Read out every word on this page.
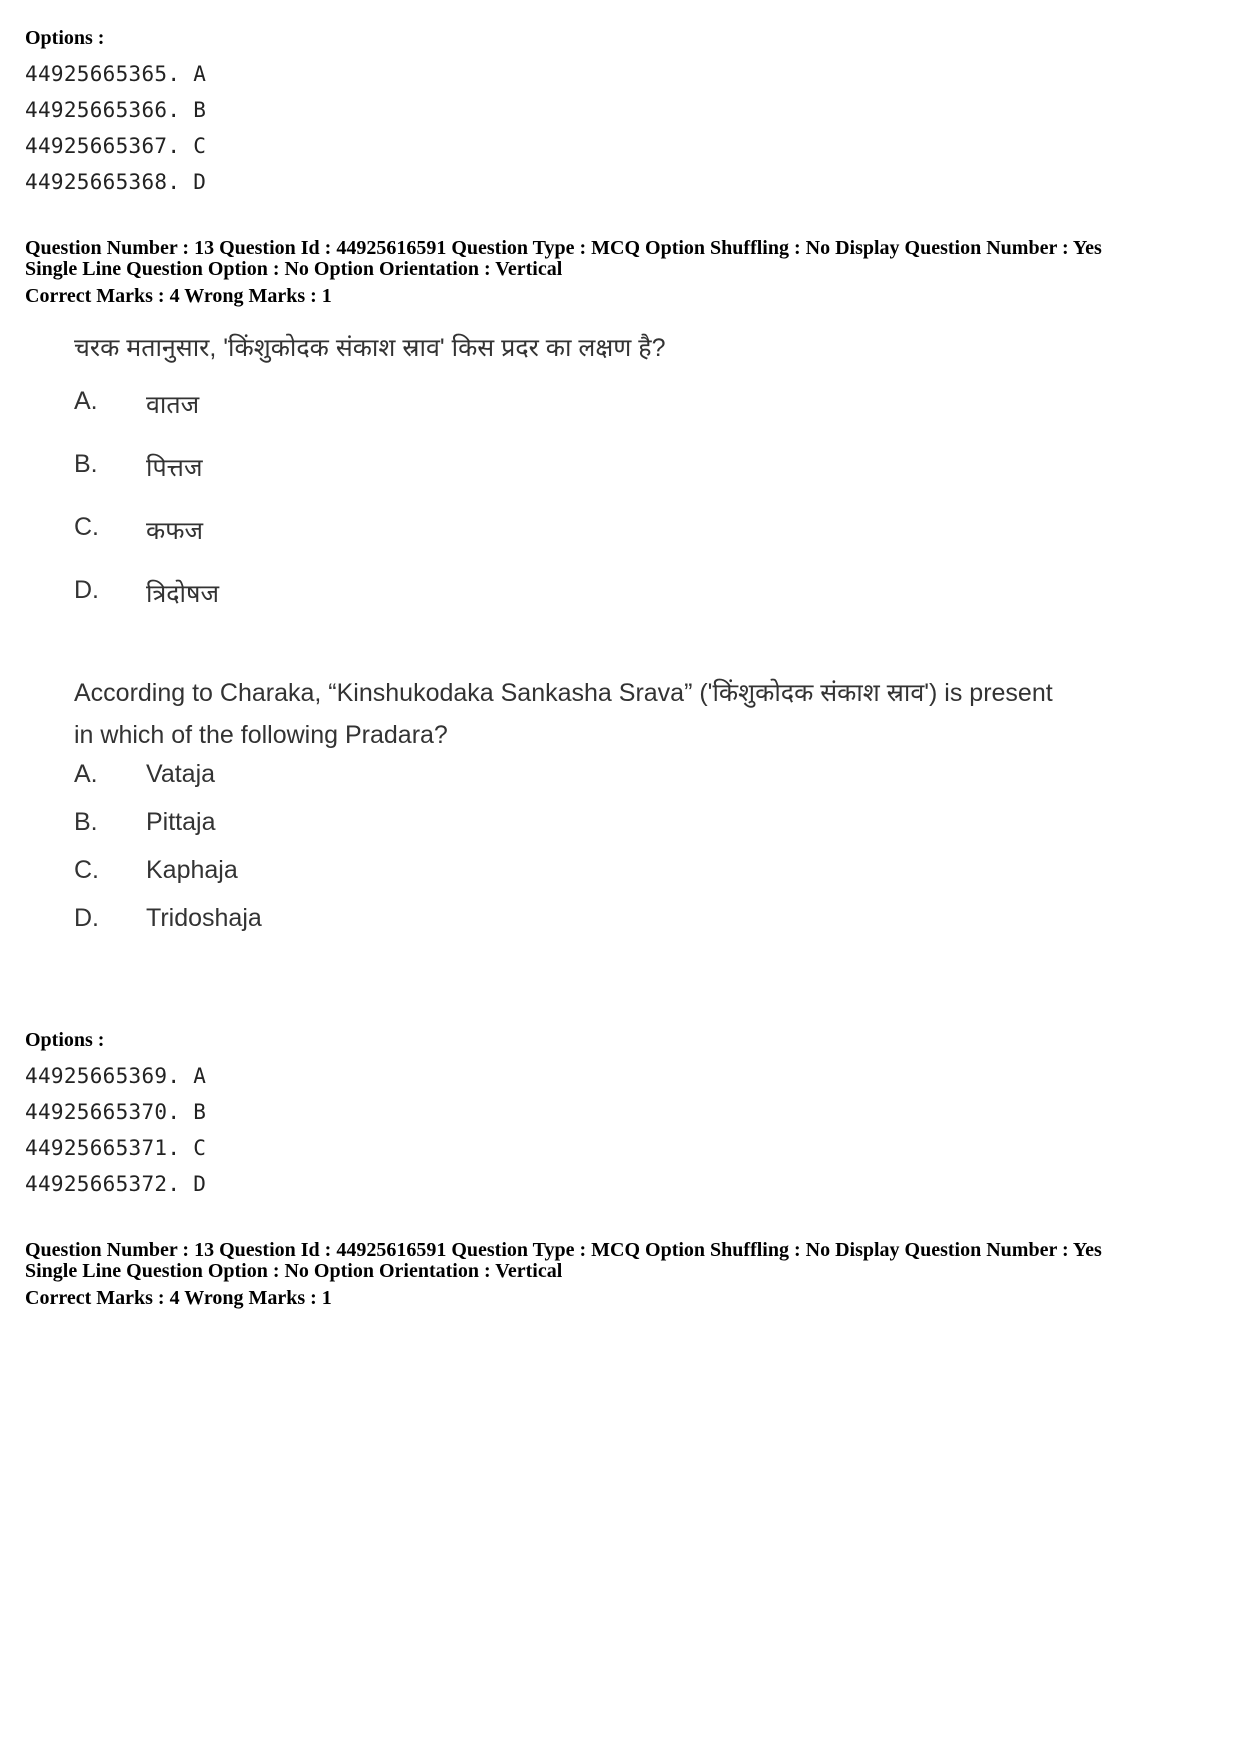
Options :
44925665365. A
44925665366. B
44925665367. C
44925665368. D
Question Number : 13 Question Id : 44925616591 Question Type : MCQ Option Shuffling : No Display Question Number : Yes
Single Line Question Option : No Option Orientation : Vertical
Correct Marks : 4 Wrong Marks : 1
चरक मतानुसार, 'किंशुकोदक संकाश स्राव' किस प्रदर का लक्षण है?
A.	वातज
B.	पित्तज
C.	कफज
D.	त्रिदोषज
According to Charaka, “Kinshukodaka Sankasha Srava” ('किंशुकोदक संकाश स्राव') is present
in which of the following Pradara?
A.	Vataja
B.	Pittaja
C.	Kaphaja
D.	Tridoshaja
Options :
44925665369. A
44925665370. B
44925665371. C
44925665372. D
Question Number : 13 Question Id : 44925616591 Question Type : MCQ Option Shuffling : No Display Question Number : Yes
Single Line Question Option : No Option Orientation : Vertical
Correct Marks : 4 Wrong Marks : 1
